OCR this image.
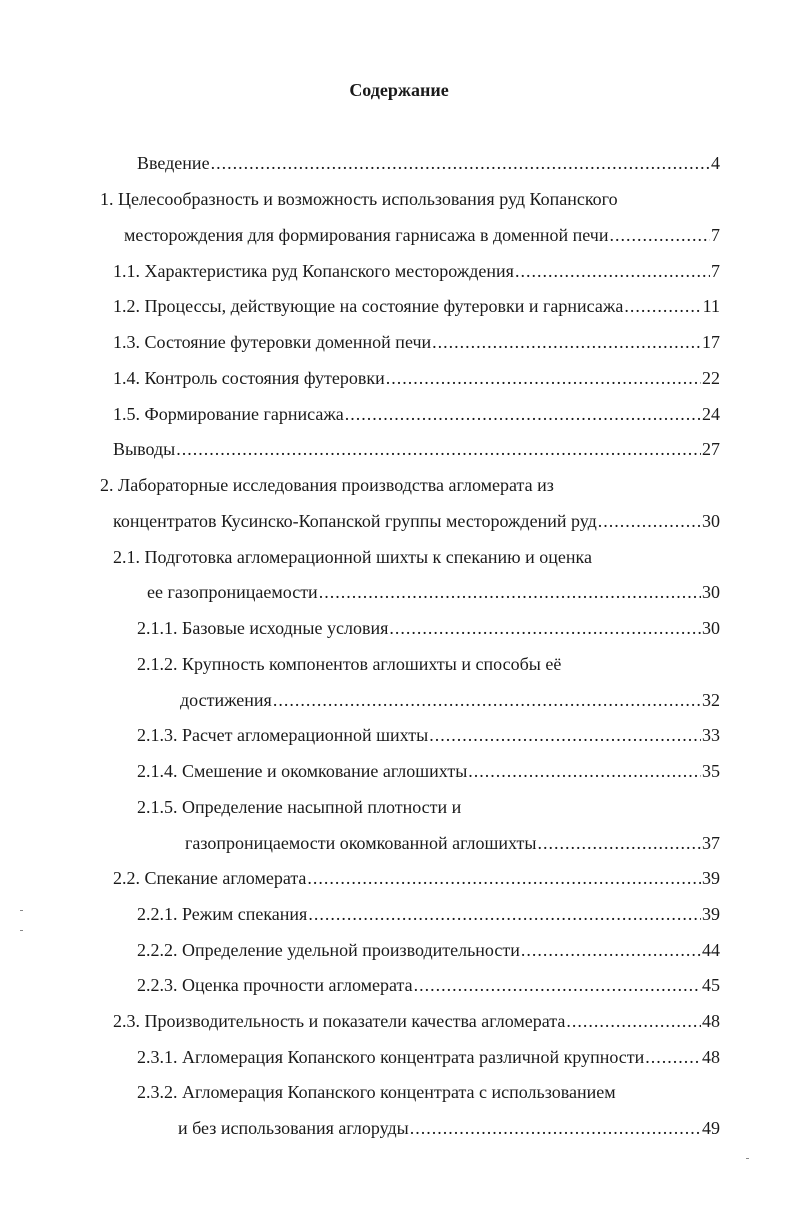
Содержание
Введение .....	4
1. Целесообразность и возможность использования руд Копанского
месторождения для формирования гарнисажа в доменной печи .....	7
1.1. Характеристика руд Копанского месторождения .....	7
1.2. Процессы, действующие на состояние футеровки и гарнисажа .....	11
1.3. Состояние футеровки доменной печи .....	17
1.4. Контроль состояния футеровки .....	22
1.5. Формирование гарнисажа .....	24
Выводы .....	27
2. Лабораторные исследования производства агломерата из
концентратов Кусинско-Копанской группы месторождений руд .....	30
2.1. Подготовка агломерационной шихты к спеканию и оценка
ее газопроницаемости .....	30
2.1.1. Базовые исходные условия .....	30
2.1.2. Крупность компонентов аглошихты и способы её
достижения .....	32
2.1.3. Расчет агломерационной шихты .....	33
2.1.4. Смешение и окомкование аглошихты .....	35
2.1.5. Определение насыпной плотности и
газопроницаемости окомкованной аглошихты .....	37
2.2. Спекание агломерата .....	39
2.2.1. Режим спекания .....	39
2.2.2. Определение удельной производительности .....	44
2.2.3. Оценка прочности агломерата .....	45
2.3. Производительность и показатели качества агломерата .....	48
2.3.1. Агломерация Копанского концентрата различной крупности .....	48
2.3.2. Агломерация Копанского концентрата с использованием
и без использования аглоруды .....	49
